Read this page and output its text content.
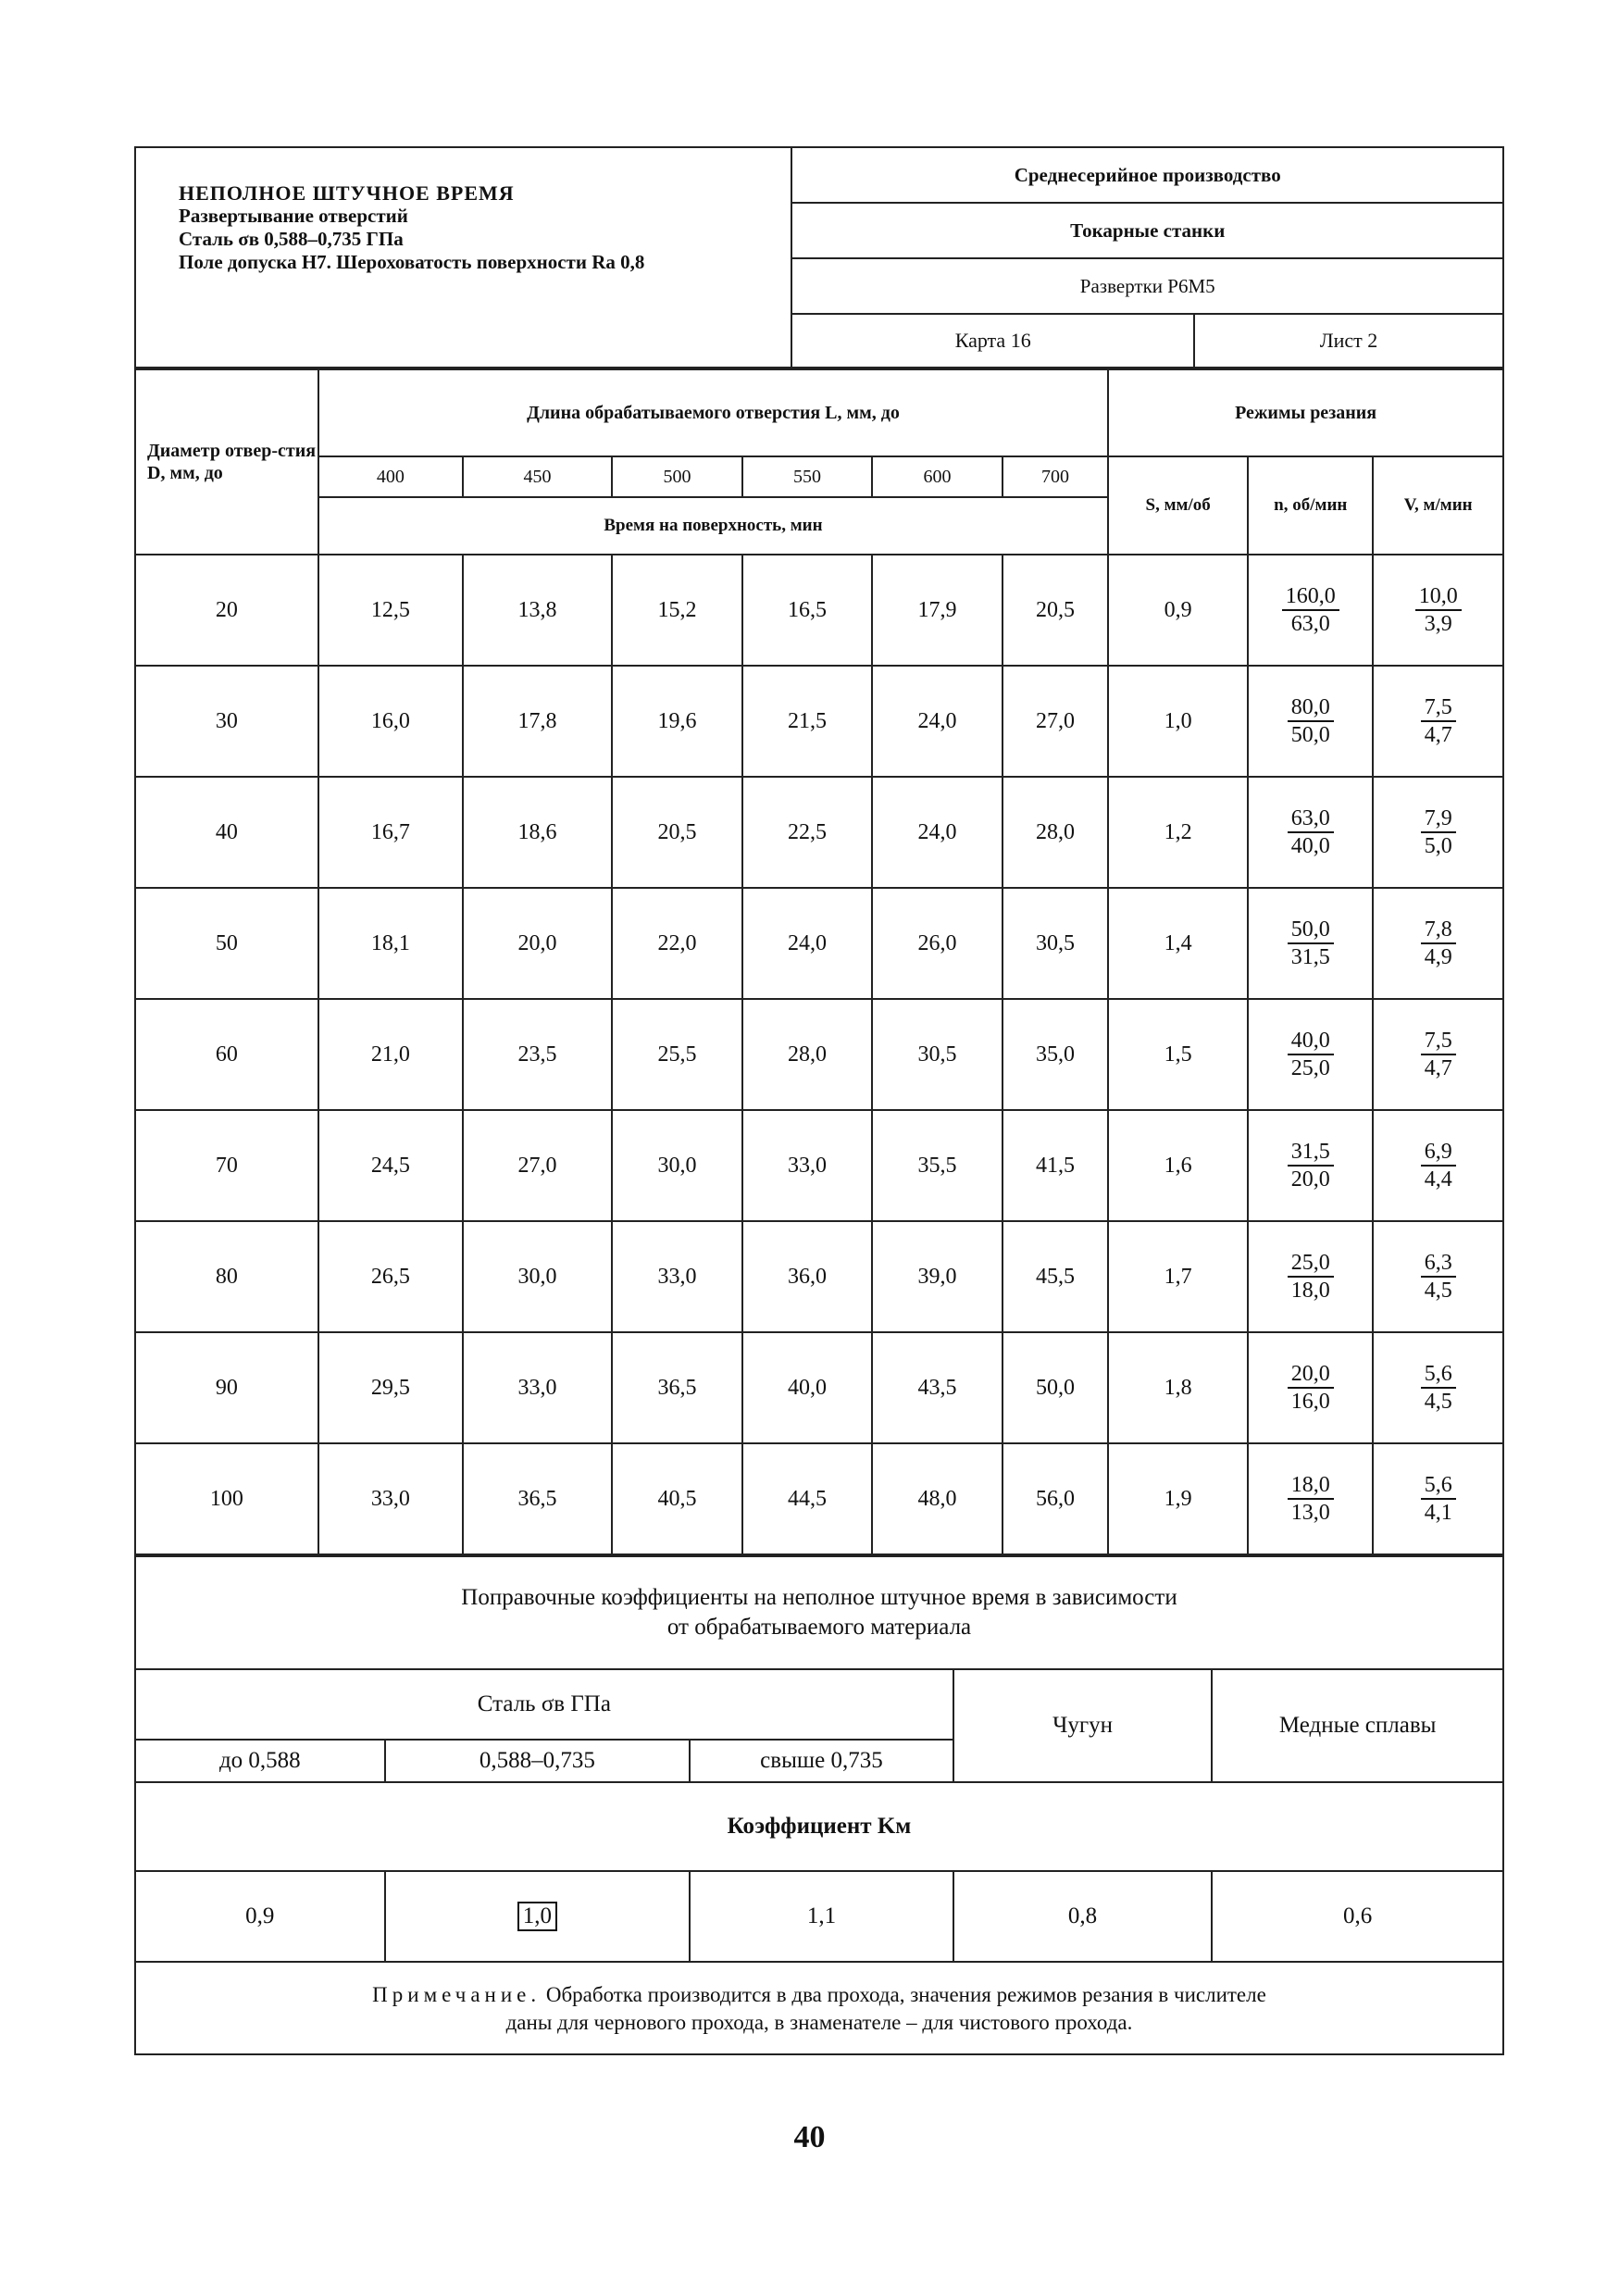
НЕПОЛНОЕ ШТУЧНОЕ ВРЕМЯ
Развертывание отверстий
Сталь σв 0,588–0,735 ГПа
Поле допуска Н7. Шероховатость поверхности Ra 0,8	Среднесерийное производство	
	Токарные станки	
	Развертки Р6М5	
	Карта 16	Лист 2
Диаметр отвер-стия D, мм, до	Длина обрабатываемого отверстия L, мм, до						Режимы резания		
	400	450	500	550	600	700	S, мм/об	n, об/мин	V, м/мин
	Время на поверхность, мин								
20	12,5	13,8	15,2	16,5	17,9	20,5	0,9	$\frac{160,0}{63,0}$	$\frac{10,0}{3,9}$

30	16,0	17,8	19,6	21,5	24,0	27,0	1,0	$\frac{80,0}{50,0}$	$\frac{7,5}{4,7}$

40	16,7	18,6	20,5	22,5	24,0	28,0	1,2	$\frac{63,0}{40,0}$	$\frac{7,9}{5,0}$

50	18,1	20,0	22,0	24,0	26,0	30,5	1,4	$\frac{50,0}{31,5}$	$\frac{7,8}{4,9}$

60	21,0	23,5	25,5	28,0	30,5	35,0	1,5	$\frac{40,0}{25,0}$	$\frac{7,5}{4,7}$

70	24,5	27,0	30,0	33,0	35,5	41,5	1,6	$\frac{31,5}{20,0}$	$\frac{6,9}{4,4}$

80	26,5	30,0	33,0	36,0	39,0	45,5	1,7	$\frac{25,0}{18,0}$	$\frac{6,3}{4,5}$

90	29,5	33,0	36,5	40,0	43,5	50,0	1,8	$\frac{20,0}{16,0}$	$\frac{5,6}{4,5}$

100	33,0	36,5	40,5	44,5	48,0	56,0	1,9	$\frac{18,0}{13,0}$	$\frac{5,6}{4,1}$
Поправочные коэффициенты на неполное штучное время в зависимости
от обрабатываемого материала				

Сталь σв ГПа			Чугун	Медные сплавы
до 0,588	0,588–0,735	свыше 0,735		
Коэффициент Kм				
0,9	1,0	1,1	0,8	0,6
Примечание. Обработка производится в два прохода, значения режимов резания в числителе
даны для чернового прохода, в знаменателе – для чистового прохода.
40
